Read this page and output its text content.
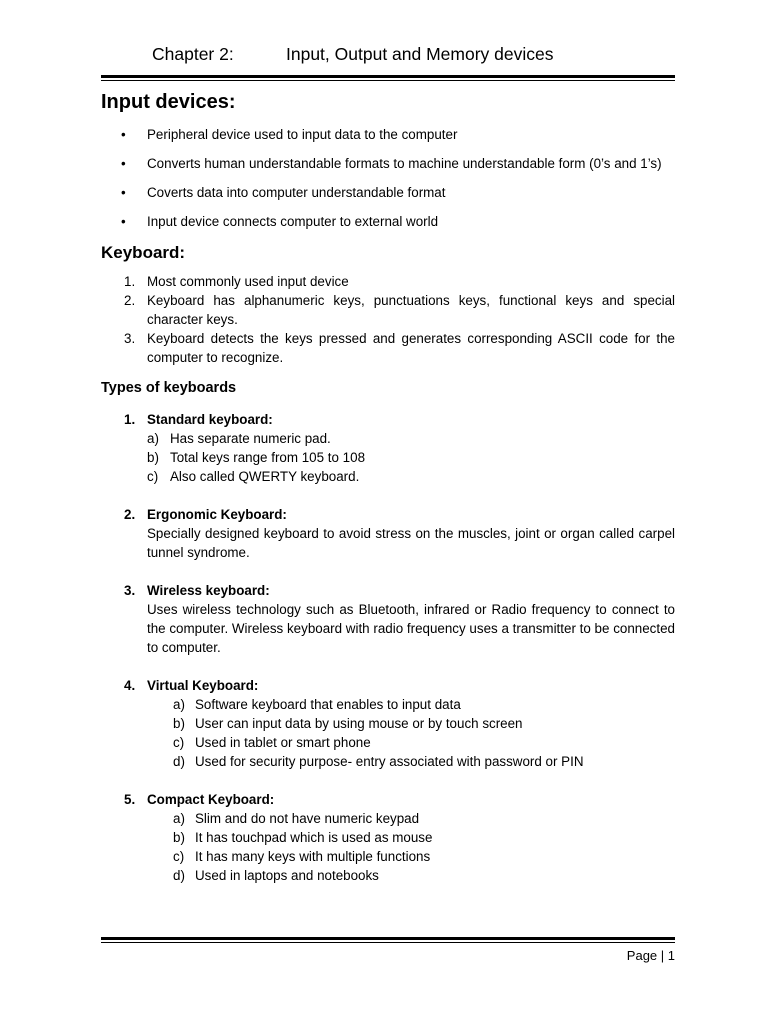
Chapter 2:	Input, Output and Memory devices
Input devices:
• Peripheral device used to input data to the computer
• Converts human understandable formats to machine understandable form (0’s and 1’s)
• Coverts data into computer understandable format
• Input device connects computer to external world
Keyboard:
1. Most commonly used input device
2. Keyboard has alphanumeric keys, punctuations keys, functional keys and special character keys.
3. Keyboard detects the keys pressed and generates corresponding ASCII code for the computer to recognize.
Types of keyboards
1. Standard keyboard:
a) Has separate numeric pad.
b) Total keys range from 105 to 108
c) Also called QWERTY keyboard.
2. Ergonomic Keyboard:
Specially designed keyboard to avoid stress on the muscles, joint or organ called carpel tunnel syndrome.
3. Wireless keyboard:
Uses wireless technology such as Bluetooth, infrared or Radio frequency to connect to the computer. Wireless keyboard with radio frequency uses a transmitter to be connected to computer.
4. Virtual Keyboard:
a) Software keyboard that enables to input data
b) User can input data by using mouse or by touch screen
c) Used in tablet or smart phone
d) Used for security purpose- entry associated with password or PIN
5. Compact Keyboard:
a) Slim and do not have numeric keypad
b) It has touchpad which is used as mouse
c) It has many keys with multiple functions
d) Used in laptops and notebooks
Page | 1
